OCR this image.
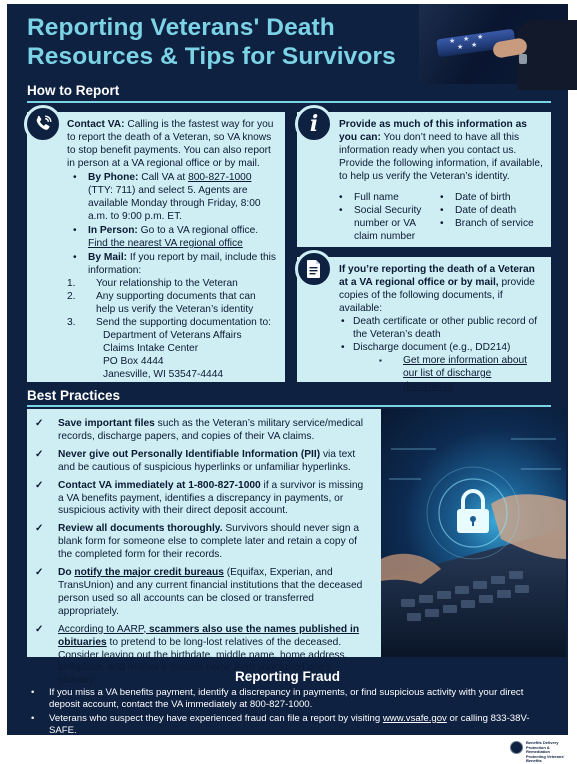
Reporting Veterans' Death
Resources & Tips for Survivors
★ ★ ★
★ ★
How to Report
Contact VA: Calling is the fastest way for you to report the death of a Veteran, so VA knows to stop benefit payments. You can also report in person at a VA regional office or by mail.
• By Phone: Call VA at 800-827-1000 (TTY: 711) and select 5. Agents are available Monday through Friday, 8:00 a.m. to 9:00 p.m. ET.
• In Person: Go to a VA regional office. Find the nearest VA regional office
• By Mail: If you report by mail, include this information:
1. Your relationship to the Veteran
2. Any supporting documents that can help us verify the Veteran’s identity
3. Send the supporting documentation to:
Department of Veterans Affairs
Claims Intake Center
PO Box 4444
Janesville, WI 53547-4444
Provide as much of this information as you can: You don’t need to have all this information ready when you contact us. Provide the following information, if available, to help us verify the Veteran’s identity.
• Full name
• Social Security number or VA claim number
• Date of birth
• Date of death
• Branch of service
i
If you’re reporting the death of a Veteran at a VA regional office or by mail, provide copies of the following documents, if available:
• Death certificate or other public record of the Veteran’s death
• Discharge document (e.g., DD214)
▪ Get more information about our list of discharge documents
Best Practices
✓ Save important files such as the Veteran’s military service/medical records, discharge papers, and copies of their VA claims.
✓ Never give out Personally Identifiable Information (PII) via text and be cautious of suspicious hyperlinks or unfamiliar hyperlinks.
✓ Contact VA immediately at 1-800-827-1000 if a survivor is missing a VA benefits payment, identifies a discrepancy in payments, or suspicious activity with their direct deposit account.
✓ Review all documents thoroughly. Survivors should never sign a blank form for someone else to complete later and retain a copy of the completed form for their records.
✓ Do notify the major credit bureaus (Equifax, Experian, and TransUnion) and any current financial institutions that the deceased person used so all accounts can be closed or transferred appropriately.
✓ According to AARP, scammers also use the names published in obituaries to pretend to be long-lost relatives of the deceased. Consider leaving out the birthdate, middle name, home address, birthplace, and mother’s maiden name from your loved one’s obituary.	Reporting Fraud
• If you miss a VA benefits payment, identify a discrepancy in payments, or find suspicious activity with your direct deposit account, contact the VA immediately at 800-827-1000.
• Veterans who suspect they have experienced fraud can file a report by visiting www.vsafe.gov or calling 833-38V-SAFE.
Benefits Delivery
Protection & Remediation
Protecting Veterans' Benefits
